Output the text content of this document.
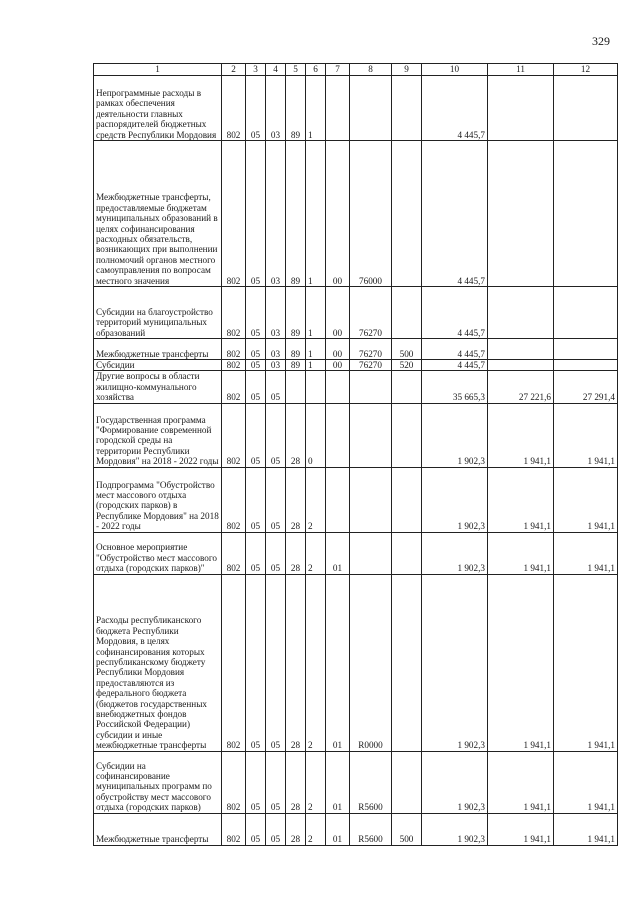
329
1	2	3	4	5	6	7	8	9	10	11	12
Непрограммные расходы в рамках обеспечения деятельности главных распорядителей бюджетных средств Республики Мордовия	802	05	03	89	1				4 445,7		
Межбюджетные трансферты, предоставляемые бюджетам муниципальных образований в целях софинансирования расходных обязательств, возникающих при выполнении полномочий органов местного самоуправления по вопросам местного значения	802	05	03	89	1	00	76000		4 445,7		
Субсидии на благоустройство территорий муниципальных образований	802	05	03	89	1	00	76270		4 445,7		
Межбюджетные трансферты	802	05	03	89	1	00	76270	500	4 445,7		
Субсидии	802	05	03	89	1	00	76270	520	4 445,7		
Другие вопросы в области жилищно-коммунального хозяйства	802	05	05						35 665,3	27 221,6	27 291,4
Государственная программа "Формирование современной городской среды на территории Республики Мордовия" на 2018 - 2022 годы	802	05	05	28	0				1 902,3	1 941,1	1 941,1
Подпрограмма "Обустройство мест массового отдыха (городских парков) в Республике Мордовия" на 2018 - 2022 годы	802	05	05	28	2				1 902,3	1 941,1	1 941,1
Основное мероприятие "Обустройство мест массового отдыха (городских парков)"	802	05	05	28	2	01			1 902,3	1 941,1	1 941,1
Расходы республиканского бюджета Республики Мордовия, в целях софинансирования которых республиканскому бюджету Республики Мордовия предоставляются из федерального бюджета (бюджетов государственных внебюджетных фондов Российской Федерации) субсидии и иные межбюджетные трансферты	802	05	05	28	2	01	R0000		1 902,3	1 941,1	1 941,1
Субсидии на софинансирование муниципальных программ по обустройству мест массового отдыха (городских парков)	802	05	05	28	2	01	R5600		1 902,3	1 941,1	1 941,1
Межбюджетные трансферты	802	05	05	28	2	01	R5600	500	1 902,3	1 941,1	1 941,1
